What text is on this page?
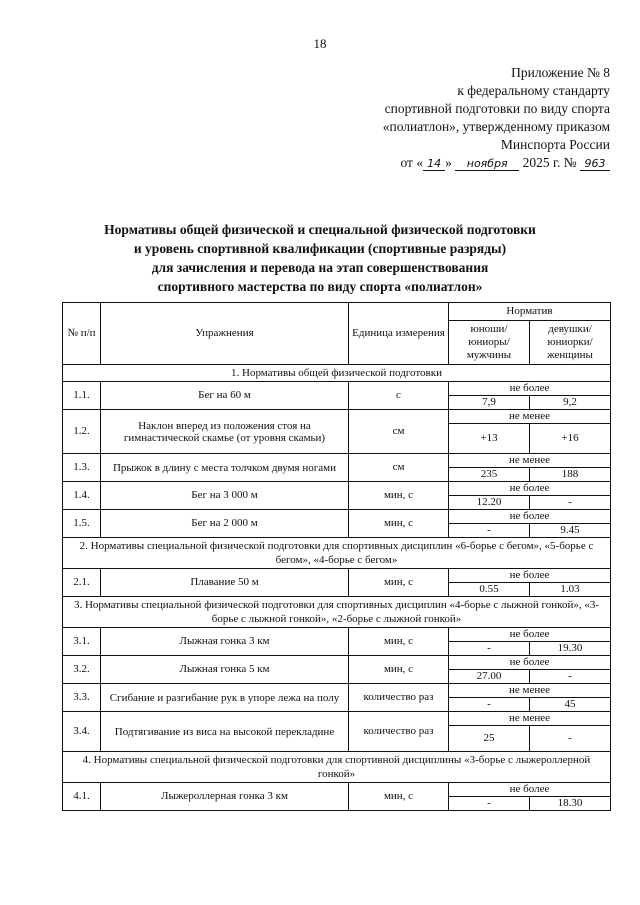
18
Приложение № 8
к федеральному стандарту
спортивной подготовки по виду спорта
«полиатлон», утвержденному приказом
Минспорта России
от « 14 » ноября 2025 г. № 963
Нормативы общей физической и специальной физической подготовки
и уровень спортивной квалификации (спортивные разряды)
для зачисления и перевода на этап совершенствования
спортивного мастерства по виду спорта «полиатлон»
№ п/п	Упражнения	Единица измерения	Норматив	
			юноши/ юниоры/ мужчины	девушки/ юниорки/ женщины
1. Нормативы общей физической подготовки				
1.1.	Бег на 60 м	с	не более	
			7,9	9,2
1.2.	Наклон вперед из положения стоя на гимнастической скамье (от уровня скамьи)	см	не менее	
			+13	+16
1.3.	Прыжок в длину с места толчком двумя ногами	см	не менее	
			235	188
1.4.	Бег на 3 000 м	мин, с	не более	
			12.20	-
1.5.	Бег на 2 000 м	мин, с	не более	
			-	9.45
2. Нормативы специальной физической подготовки для спортивных дисциплин «6-борье с бегом», «5-борье с бегом», «4-борье с бегом»				
2.1.	Плавание 50 м	мин, с	не более	
			0.55	1.03
3. Нормативы специальной физической подготовки для спортивных дисциплин «4-борье с лыжной гонкой», «3-борье с лыжной гонкой», «2-борье с лыжной гонкой»				
3.1.	Лыжная гонка 3 км	мин, с	не более	
			-	19.30
3.2.	Лыжная гонка 5 км	мин, с	не более	
			27.00	-
3.3.	Сгибание и разгибание рук в упоре лежа на полу	количество раз	не менее	
			-	45
3.4.	Подтягивание из виса на высокой перекладине	количество раз	не менее	
			25	-
4. Нормативы специальной физической подготовки для спортивной дисциплины «3-борье с лыжероллерной гонкой»				
4.1.	Лыжероллерная гонка 3 км	мин, с	не более	
			-	18.30
